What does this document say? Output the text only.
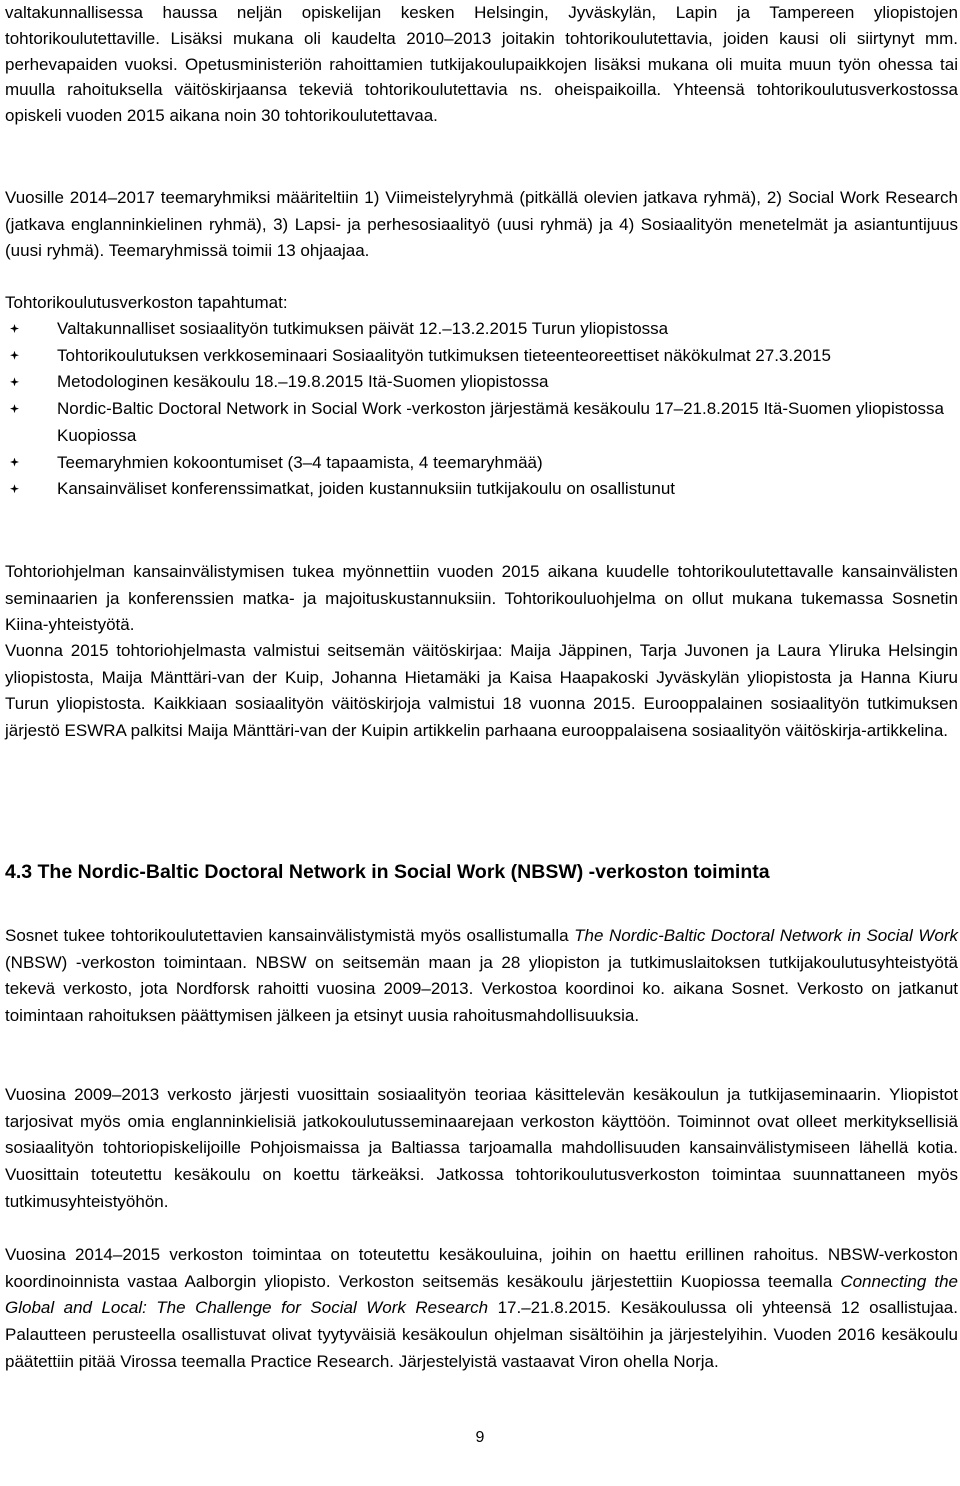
valtakunnallisessa haussa neljän opiskelijan kesken Helsingin, Jyväskylän, Lapin ja Tampereen yliopistojen tohtorikoulutettaville. Lisäksi mukana oli kaudelta 2010–2013 joitakin tohtorikoulutettavia, joiden kausi oli siirtynyt mm. perhevapaiden vuoksi. Opetusministeriön rahoittamien tutkijakoulupaikkojen lisäksi mukana oli muita muun työn ohessa tai muulla rahoituksella väitöskirjaansa tekeviä tohtorikoulutettavia ns. oheispaikoilla. Yhteensä tohtorikoulutusverkostossa opiskeli vuoden 2015 aikana noin 30 tohtorikoulutettavaa.

Vuosille 2014–2017 teemaryhmiksi määriteltiin 1) Viimeistelyryhmä (pitkällä olevien jatkava ryhmä), 2) Social Work Research (jatkava englanninkielinen ryhmä), 3) Lapsi- ja perhesosiaalityö (uusi ryhmä) ja 4) Sosiaalityön menetelmät ja asiantuntijuus (uusi ryhmä). Teemaryhmissä toimii 13 ohjaajaa.

Tohtorikoulutusverkoston tapahtumat:

Valtakunnalliset sosiaalityön tutkimuksen päivät 12.–13.2.2015 Turun yliopistossa
Tohtorikoulutuksen verkkoseminaari Sosiaalityön tutkimuksen tieteenteoreettiset näkökulmat 27.3.2015
Metodologinen kesäkoulu 18.–19.8.2015 Itä-Suomen yliopistossa
Nordic-Baltic Doctoral Network in Social Work -verkoston järjestämä kesäkoulu 17–21.8.2015 Itä-Suomen yliopistossa Kuopiossa
Teemaryhmien kokoontumiset (3–4 tapaamista, 4 teemaryhmää)
Kansainväliset konferenssimatkat, joiden kustannuksiin tutkijakoulu on osallistunut

Tohtoriohjelman kansainvälistymisen tukea myönnettiin vuoden 2015 aikana kuudelle tohtorikoulutettavalle kansainvälisten seminaarien ja konferenssien matka- ja majoituskustannuksiin. Tohtorikouluohjelma on ollut mukana tukemassa Sosnetin Kiina-yhteistyötä.

Vuonna 2015 tohtoriohjelmasta valmistui seitsemän väitöskirjaa: Maija Jäppinen, Tarja Juvonen ja Laura Yliruka Helsingin yliopistosta, Maija Mänttäri-van der Kuip, Johanna Hietamäki ja Kaisa Haapakoski Jyväskylän yliopistosta ja Hanna Kiuru Turun yliopistosta. Kaikkiaan sosiaalityön väitöskirjoja valmistui 18 vuonna 2015. Eurooppalainen sosiaalityön tutkimuksen järjestö ESWRA palkitsi Maija Mänttäri-van der Kuipin artikkelin parhaana eurooppalaisena sosiaalityön väitöskirja-artikkelina.

4.3 The Nordic-Baltic Doctoral Network in Social Work (NBSW) -verkoston toiminta

Sosnet tukee tohtorikoulutettavien kansainvälistymistä myös osallistumalla The Nordic-Baltic Doctoral Network in Social Work (NBSW) -verkoston toimintaan. NBSW on seitsemän maan ja 28 yliopiston ja tutkimuslaitoksen tutkijakoulutusyhteistyötä tekevä verkosto, jota Nordforsk rahoitti vuosina 2009–2013. Verkostoa koordinoi ko. aikana Sosnet. Verkosto on jatkanut toimintaan rahoituksen päättymisen jälkeen ja etsinyt uusia rahoitusmahdollisuuksia.

Vuosina 2009–2013 verkosto järjesti vuosittain sosiaalityön teoriaa käsittelevän kesäkoulun ja tutkijaseminaarin. Yliopistot tarjosivat myös omia englanninkielisiä jatkokoulutusseminaarejaan verkoston käyttöön. Toiminnot ovat olleet merkityksellisiä sosiaalityön tohtoriopiskelijoille Pohjoismaissa ja Baltiassa tarjoamalla mahdollisuuden kansainvälistymiseen lähellä kotia. Vuosittain toteutettu kesäkoulu on koettu tärkeäksi. Jatkossa tohtorikoulutusverkoston toimintaa suunnattaneen myös tutkimusyhteistyöhön.

Vuosina 2014–2015 verkoston toimintaa on toteutettu kesäkouluina, joihin on haettu erillinen rahoitus. NBSW-verkoston koordinoinnista vastaa Aalborgin yliopisto. Verkoston seitsemäs kesäkoulu järjestettiin Kuopiossa teemalla Connecting the Global and Local: The Challenge for Social Work Research 17.–21.8.2015. Kesäkoulussa oli yhteensä 12 osallistujaa. Palautteen perusteella osallistuvat olivat tyytyväisiä kesäkoulun ohjelman sisältöihin ja järjestelyihin. Vuoden 2016 kesäkoulu päätettiin pitää Virossa teemalla Practice Research. Järjestelyistä vastaavat Viron ohella Norja.

9
